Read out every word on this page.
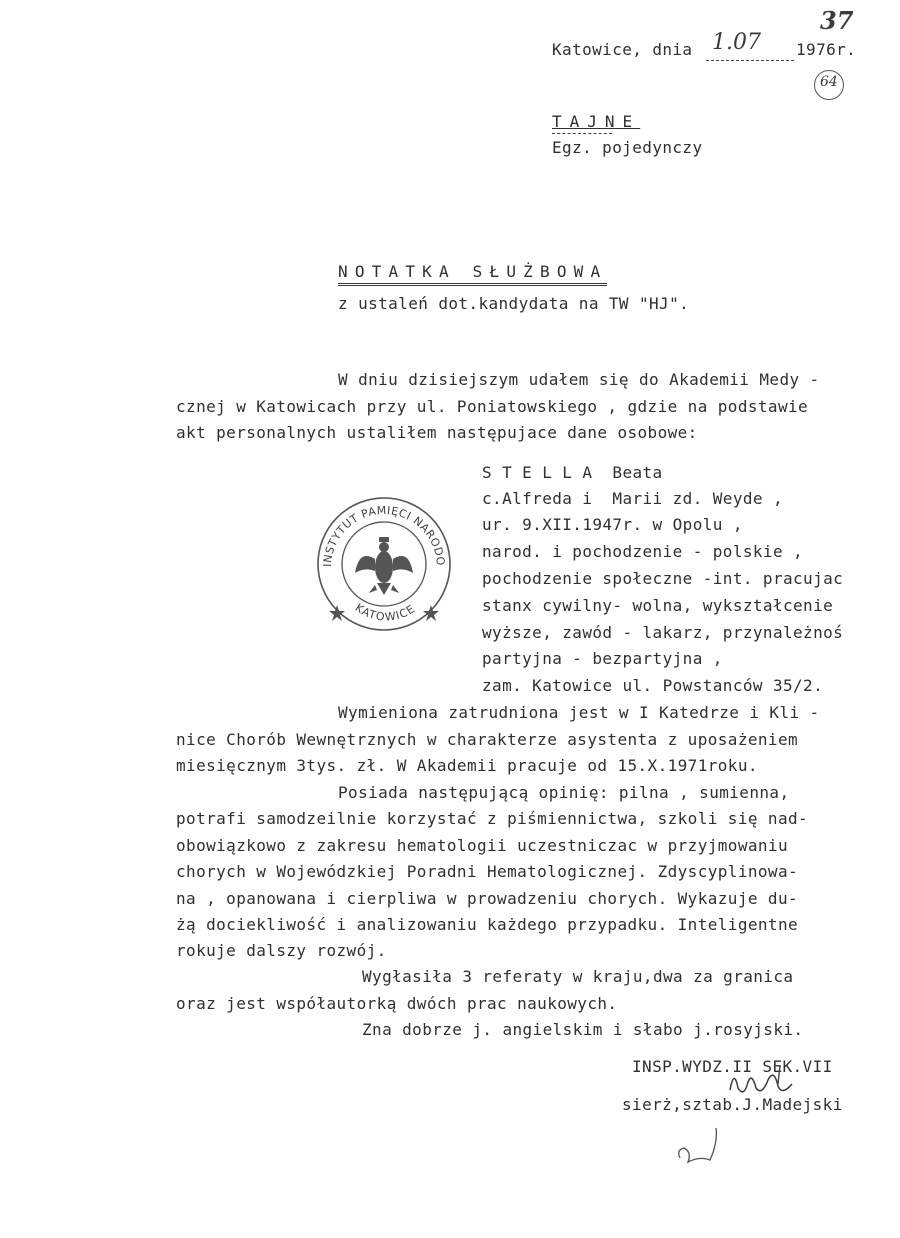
Katowice, dnia 1.07 1976r.
37
64
TAJNE
Egz. pojedynczy
NOTATKA SŁUŻBOWA
z ustaleń dot.kandydata na TW "HJ".
W dniu dzisiejszym udałem się do Akademii Medy -
cznej w Katowicach przy ul. Poniatowskiego , gdzie na podstawie
akt personalnych ustaliłem następujace dane osobowe:
S T E L L A  Beata
c.Alfreda i  Marii zd. Weyde ,
ur. 9.XII.1947r. w Opolu ,
narod. i pochodzenie - polskie ,
pochodzenie społeczne -int. pracujac
stanx cywilny- wolna, wykształcenie
wyższe, zawód - lakarz, przynależnoś
partyjna - bezpartyjna ,
zam. Katowice ul. Powstanców 35/2.
INSTYTUT PAMIĘCI NARODO
KATOWICE
Wymieniona zatrudniona jest w I Katedrze i Kli -
nice Chorób Wewnętrznych w charakterze asystenta z uposażeniem
miesięcznym 3tys. zł. W Akademii pracuje od 15.X.1971roku.
Posiada następującą opinię: pilna , sumienna,
potrafi samodzeilnie korzystać z piśmiennictwa, szkoli się nad-
obowiązkowo z zakresu hematologii uczestniczac w przyjmowaniu
chorych w Wojewódzkiej Poradni Hematologicznej. Zdyscyplinowa-
na , opanowana i cierpliwa w prowadzeniu chorych. Wykazuje du-
żą dociekliwość i analizowaniu każdego przypadku. Inteligentne
rokuje dalszy rozwój.
Wygłasiła 3 referaty w kraju,dwa za granica
oraz jest współautorką dwóch prac naukowych.
Zna dobrze j. angielskim i słabo j.rosyjski.
INSP.WYDZ.II SEK.VII
sierż,sztab.J.Madejski
